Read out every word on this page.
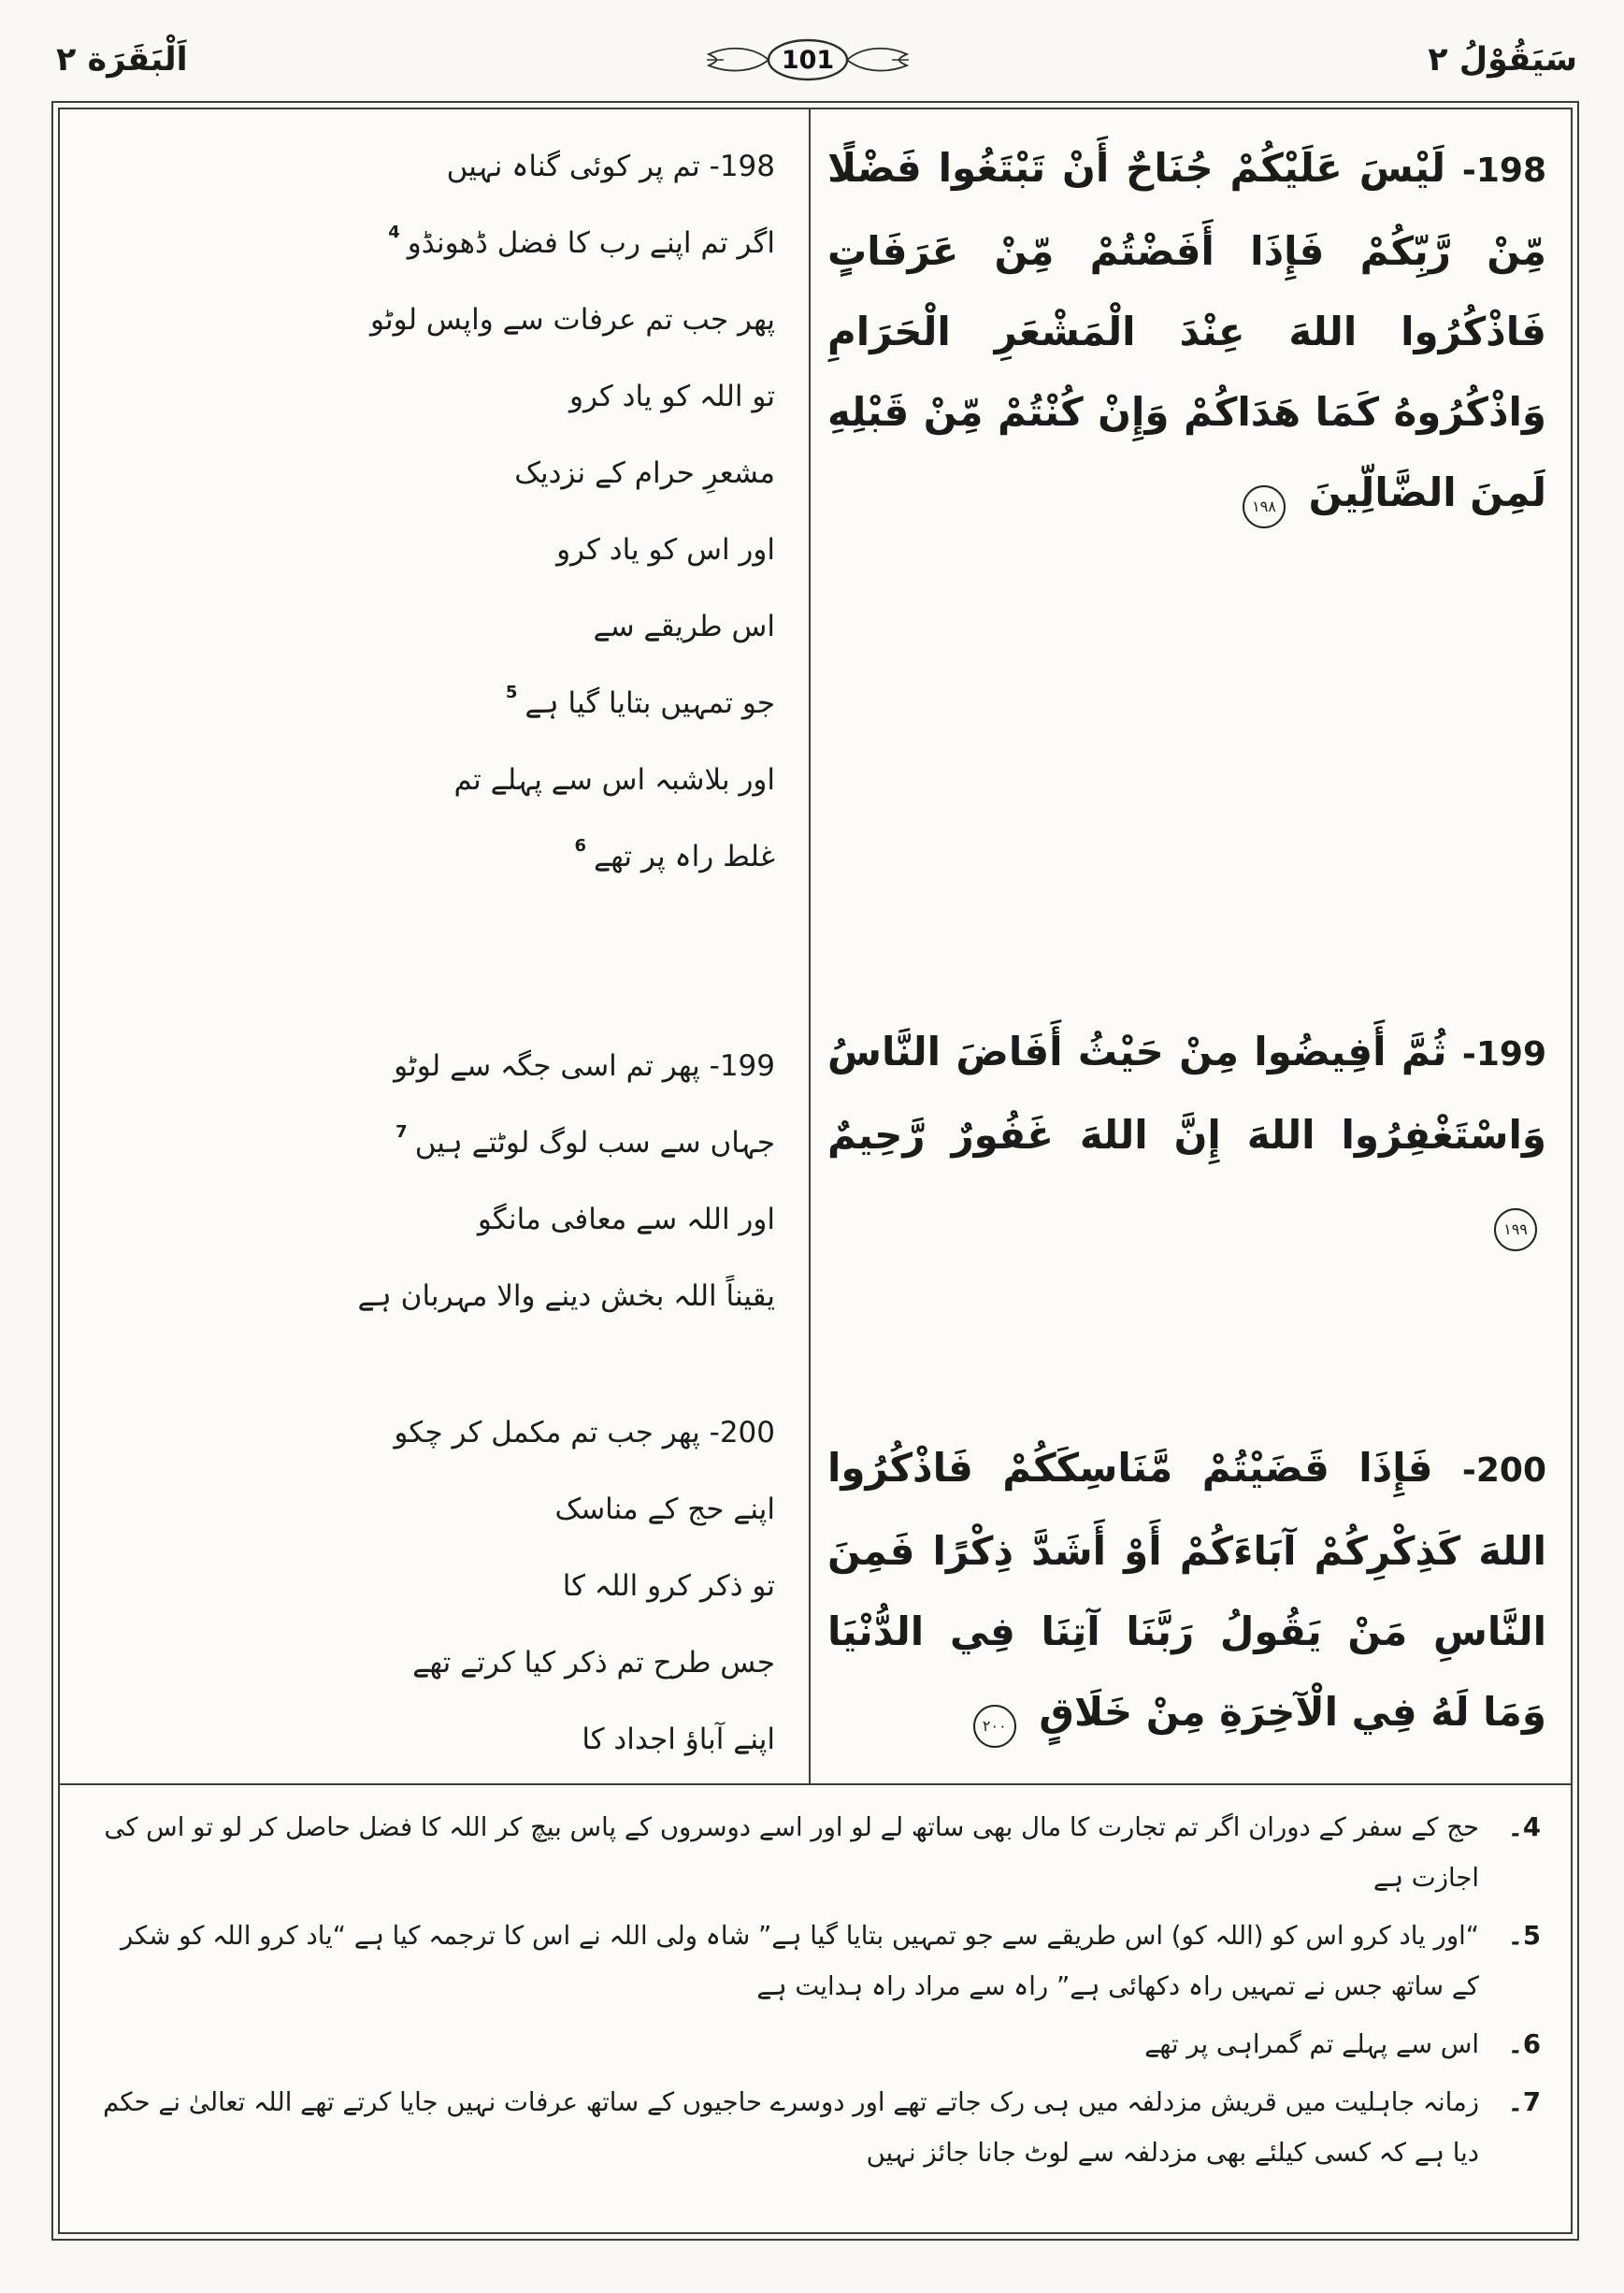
سَيَقُوْلُ ٢
101
اَلْبَقَرَة ٢

198- لَيْسَ عَلَيْكُمْ جُنَاحٌ أَنْ تَبْتَغُوا فَضْلًا مِّنْ رَّبِّكُمْ فَإِذَا أَفَضْتُمْ مِّنْ عَرَفَاتٍ فَاذْكُرُوا اللهَ عِنْدَ الْمَشْعَرِ الْحَرَامِ وَاذْكُرُوهُ كَمَا هَدَاكُمْ وَإِنْ كُنْتُمْ مِّنْ قَبْلِهِ لَمِنَ الضَّالِّينَ ۱۹۸

199- ثُمَّ أَفِيضُوا مِنْ حَيْثُ أَفَاضَ النَّاسُ وَاسْتَغْفِرُوا اللهَ إِنَّ اللهَ غَفُورٌ رَّحِيمٌ ۱۹۹

200- فَإِذَا قَضَيْتُمْ مَّنَاسِكَكُمْ فَاذْكُرُوا اللهَ كَذِكْرِكُمْ آبَاءَكُمْ أَوْ أَشَدَّ ذِكْرًا فَمِنَ النَّاسِ مَنْ يَقُولُ رَبَّنَا آتِنَا فِي الدُّنْيَا وَمَا لَهُ فِي الْآخِرَةِ مِنْ خَلَاقٍ ۲۰۰

198- تم پر کوئی گناہ نہیں

اگر تم اپنے رب کا فضل ڈھونڈو$^4$

پھر جب تم عرفات سے واپس لوٹو

تو اللہ کو یاد کرو

مشعرِ حرام کے نزدیک

اور اس کو یاد کرو

اس طریقے سے

جو تمہیں بتایا گیا ہے$^5$

اور بلاشبہ اس سے پہلے تم

غلط راہ پر تھے$^6$

199- پھر تم اسی جگہ سے لوٹو

جہاں سے سب لوگ لوٹتے ہیں$^7$

اور اللہ سے معافی مانگو

یقیناً اللہ بخش دینے والا مہربان ہے

200- پھر جب تم مکمل کر چکو

اپنے حج کے مناسک

تو ذکر کرو اللہ کا

جس طرح تم ذکر کیا کرتے تھے

اپنے آباؤ اجداد کا

4۔
حج کے سفر کے دوران اگر تم تجارت کا مال بھی ساتھ لے لو اور اسے دوسروں کے پاس بیچ کر اللہ کا فضل حاصل کر لو تو اس کی اجازت ہے

5۔
“اور یاد کرو اس کو (اللہ کو) اس طریقے سے جو تمہیں بتایا گیا ہے” شاہ ولی اللہ نے اس کا ترجمہ کیا ہے “یاد کرو اللہ کو شکر کے ساتھ جس نے تمہیں راہ دکھائی ہے” راہ سے مراد راہ ہدایت ہے

6۔
اس سے پہلے تم گمراہی پر تھے

7۔
زمانہ جاہلیت میں قریش مزدلفہ میں ہی رک جاتے تھے اور دوسرے حاجیوں کے ساتھ عرفات نہیں جایا کرتے تھے اللہ تعالیٰ نے حکم دیا ہے کہ کسی کیلئے بھی مزدلفہ سے لوٹ جانا جائز نہیں
